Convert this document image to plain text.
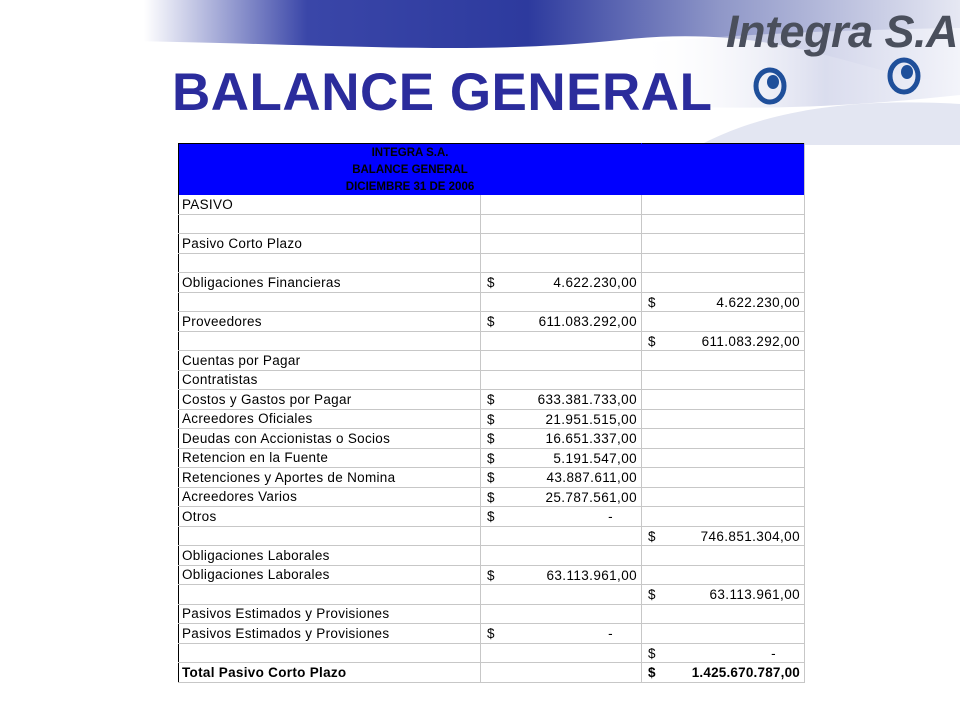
Integra S.A
BALANCE GENERAL
INTEGRA S.A.		
BALANCE GENERAL		
DICIEMBRE 31 DE 2006		
PASIVO		

Pasivo Corto Plazo		

Obligaciones Financieras	$ 4.622.230,00	

		$ 4.622.230,00

Proveedores	$ 611.083.292,00	

		$ 611.083.292,00

Cuentas por Pagar		
Contratistas		
Costos y Gastos por Pagar	$ 633.381.733,00	

Acreedores Oficiales	$ 21.951.515,00	

Deudas con Accionistas o Socios	$ 16.651.337,00	

Retencion en la Fuente	$ 5.191.547,00	

Retenciones y Aportes de Nomina	$ 43.887.611,00	

Acreedores Varios	$ 25.787.561,00	

Otros	$ -	

		$ 746.851.304,00

Obligaciones Laborales		
Obligaciones Laborales	$ 63.113.961,00	

		$ 63.113.961,00

Pasivos Estimados y Provisiones		
Pasivos Estimados y Provisiones	$ -	

		$ -

Total Pasivo Corto Plazo		$ 1.425.670.787,00
